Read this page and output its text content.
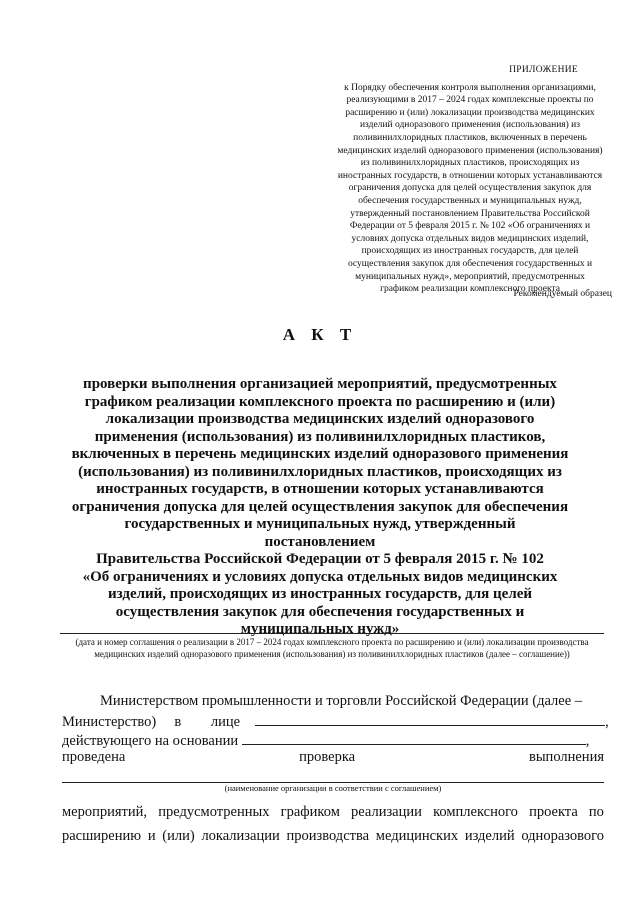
ПРИЛОЖЕНИЕ
к Порядку обеспечения контроля выполнения организациями,
реализующими в 2017 – 2024 годах комплексные проекты по
расширению и (или) локализации производства медицинских
изделий одноразового применения (использования) из
поливинилхлоридных пластиков, включенных в перечень
медицинских изделий одноразового применения (использования)
из поливинилхлоридных пластиков, происходящих из
иностранных государств, в отношении которых устанавливаются
ограничения допуска для целей осуществления закупок для
обеспечения государственных и муниципальных нужд,
утвержденный постановлением Правительства Российской
Федерации от 5 февраля 2015 г. № 102 «Об ограничениях и
условиях допуска отдельных видов медицинских изделий,
происходящих из иностранных государств, для целей
осуществления закупок для обеспечения государственных и
муниципальных нужд», мероприятий, предусмотренных
графиком реализации комплексного проекта
Рекомендуемый образец
А К Т
проверки выполнения организацией мероприятий, предусмотренных
графиком реализации комплексного проекта по расширению и (или)
локализации производства медицинских изделий одноразового
применения (использования) из поливинилхлоридных пластиков,
включенных в перечень медицинских изделий одноразового применения
(использования) из поливинилхлоридных пластиков, происходящих из
иностранных государств, в отношении которых устанавливаются
ограничения допуска для целей осуществления закупок для обеспечения
государственных и муниципальных нужд, утвержденный постановлением
Правительства Российской Федерации от 5 февраля 2015 г. № 102
«Об ограничениях и условиях допуска отдельных видов медицинских
изделий, происходящих из иностранных государств, для целей
осуществления закупок для обеспечения государственных и
муниципальных нужд»
(дата и номер соглашения о реализации в 2017 – 2024 годах комплексного проекта по расширению и (или) локализации производства медицинских изделий одноразового применения (использования) из поливинилхлоридных пластиков (далее – соглашение))
Министерством промышленности и торговли Российской Федерации (далее –
Министерство) в лице	,
действующего на основании	,
проведена	проверка	выполнения
(наименование организации в соответствии с соглашением)
мероприятий, предусмотренных графиком реализации комплексного проекта по
расширению и (или) локализации производства медицинских изделий одноразового
